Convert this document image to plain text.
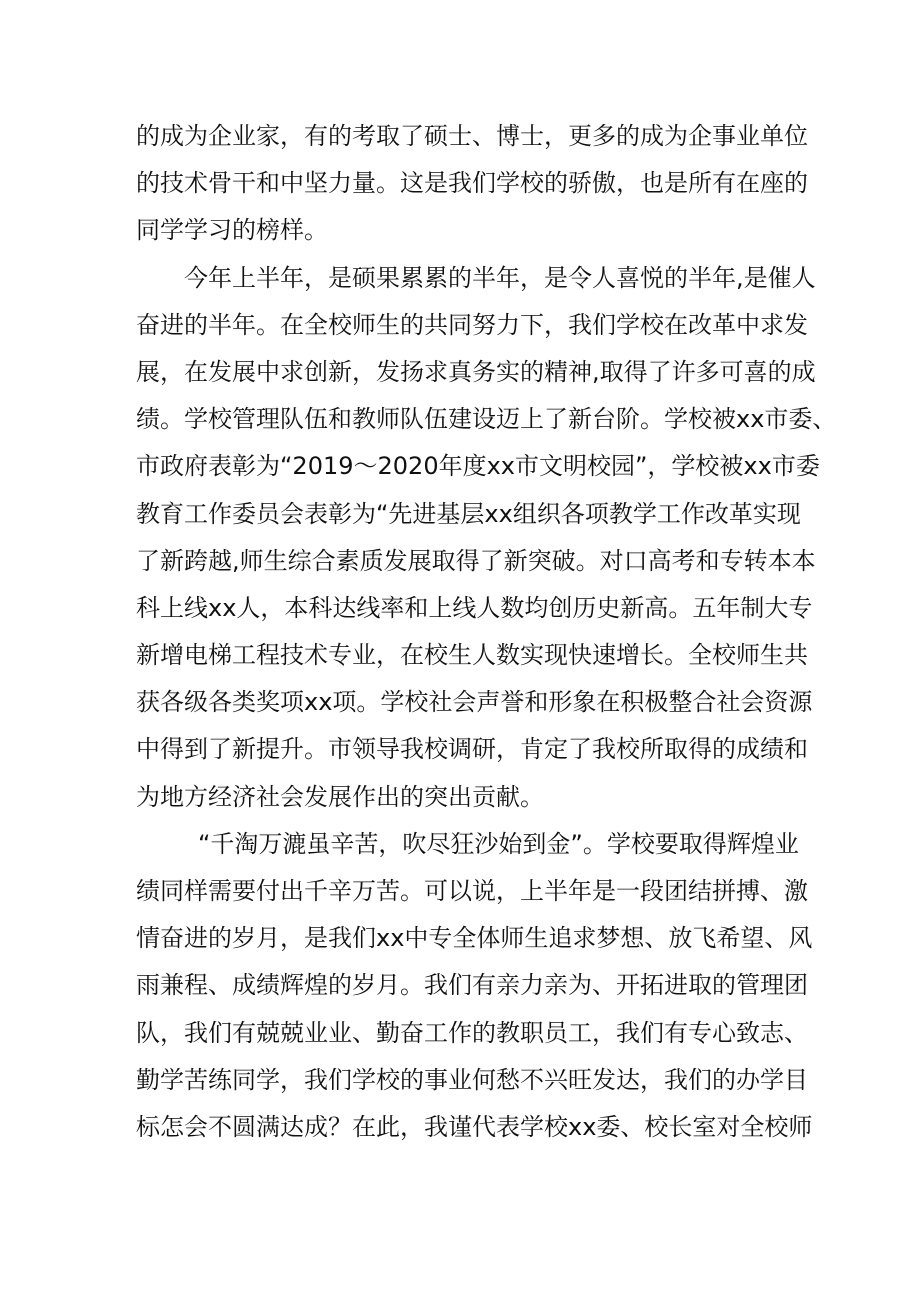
的成为企业家，有的考取了硕士、博士，更多的成为企事业单位
的技术骨干和中坚力量。这是我们学校的骄傲，也是所有在座的
同学学习的榜样。
今年上半年，是硕果累累的半年，是令人喜悦的半年,是催人
奋进的半年。在全校师生的共同努力下，我们学校在改革中求发
展，在发展中求创新，发扬求真务实的精神,取得了许多可喜的成
绩。学校管理队伍和教师队伍建设迈上了新台阶。学校被xx市委、
市政府表彰为“2019～2020年度xx市文明校园”，学校被xx市委
教育工作委员会表彰为“先进基层xx组织各项教学工作改革实现
了新跨越,师生综合素质发展取得了新突破。对口高考和专转本本
科上线xx人，本科达线率和上线人数均创历史新高。五年制大专
新增电梯工程技术专业，在校生人数实现快速增长。全校师生共
获各级各类奖项xx项。学校社会声誉和形象在积极整合社会资源
中得到了新提升。市领导我校调研，肯定了我校所取得的成绩和
为地方经济社会发展作出的突出贡献。
“千淘万漉虽辛苦，吹尽狂沙始到金”。学校要取得辉煌业
绩同样需要付出千辛万苦。可以说，上半年是一段团结拼搏、激
情奋进的岁月，是我们xx中专全体师生追求梦想、放飞希望、风
雨兼程、成绩辉煌的岁月。我们有亲力亲为、开拓进取的管理团
队，我们有兢兢业业、勤奋工作的教职员工，我们有专心致志、
勤学苦练同学，我们学校的事业何愁不兴旺发达，我们的办学目
标怎会不圆满达成？在此，我谨代表学校xx委、校长室对全校师
